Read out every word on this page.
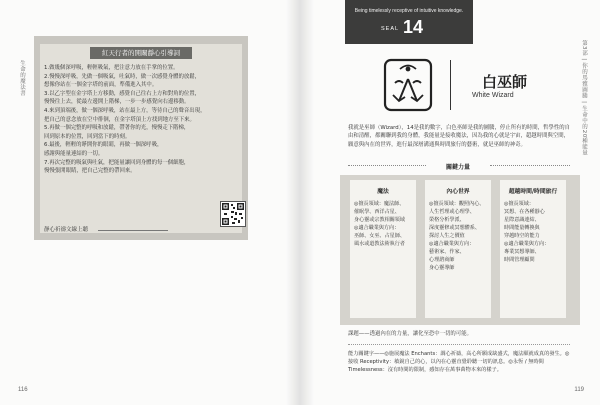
生命的魔法書
紅天行者的開關靜心引導詞
1.做幾個深呼吸，輕輕吸氣，把注意力放在手掌的位置。
2.慢慢深呼吸，先做一個吸氣，吐氣時，做一次感覺身體的放鬆，
想像你站在一個金字塔的前面，準備進入其中。
3.以乙字型在金字塔上方移動，感覺自己往右上方和對角的位置，
慢慢往上去，從最左邊開上階梯，一步一步感覺向右邊移動。
4.來到頂端後，做一個深呼吸，站在最上方，等待自己的聲音出現，
把自己的意念放在空中徘徊，在金字塔頂上方找到地方至下來。
5.再做一個完整的呼吸和放鬆，帶著你的光，慢慢走下階梯，
回到原本的位置，回到當下的時刻。
6.最後，輕輕的睜開你的眼睛，再做一個深呼吸，
感謝與能量連結的一切。
7.再次完整的吸氣與吐氣，把能量讓回到身體的每一個細胞，
慢慢張開眼睛，把自己完整的帶回來。
靜心祈禱文線上聽
116
第3部 | 你的馬雅圖騰 | 生命中的20種能量
Being timelessly receptive of intuitive knowledge.
SEAL 14
白巫師
White Wizard
我就是巫師（Wizard），14是我的數字，白色巫師是我的圖騰，停止所有的時間，哲學性的自由和清醒，都關聯到我的身體，我能量是接收魔法，因為我的心就是宇宙，超越時間與空間，願意與內在的世界，進行最深層溝通與時間旅行的藝術，就是巫師的神奇。
關鍵力量
魔法
◎擅長領域：魔法師、
催眠學、西洋占星、
身心靈或宗教相關領域
◎適合職業與方向：
巫師、女巫、占星師、
風水或道教法術執行者
內心世界
◎擅長領域：觀照內心、
人生哲理或心理學、
榮格分析學派、
深度靈修或冥想體系、
探討人生之價值
◎適合職業與方向：
藝術家、作家、
心理諮商師
身心靈導師
超越時間/時間旅行
◎擅長領域：
冥想、在各種靜心
星際意識連結、
時間能量轉換與
穿越時空的能力
◎適合職業與方向：
專業冥想導師、
時間管理顧問
課題——透過內在的力量，讓化至恐中一切的可能。
能力關鍵字——◎施展魔法 Enchants：調心祈禱，高心所願成缺盛式，魔法願就成真的發生。◎接收 Receptivity：敏銳自己的心，以內在心靈直覺聆聽一切的訊息。◎永恆 / 無時間 Timelessness：沒有時間的限制，感知存在萬事萬物本來的樣子。
119
